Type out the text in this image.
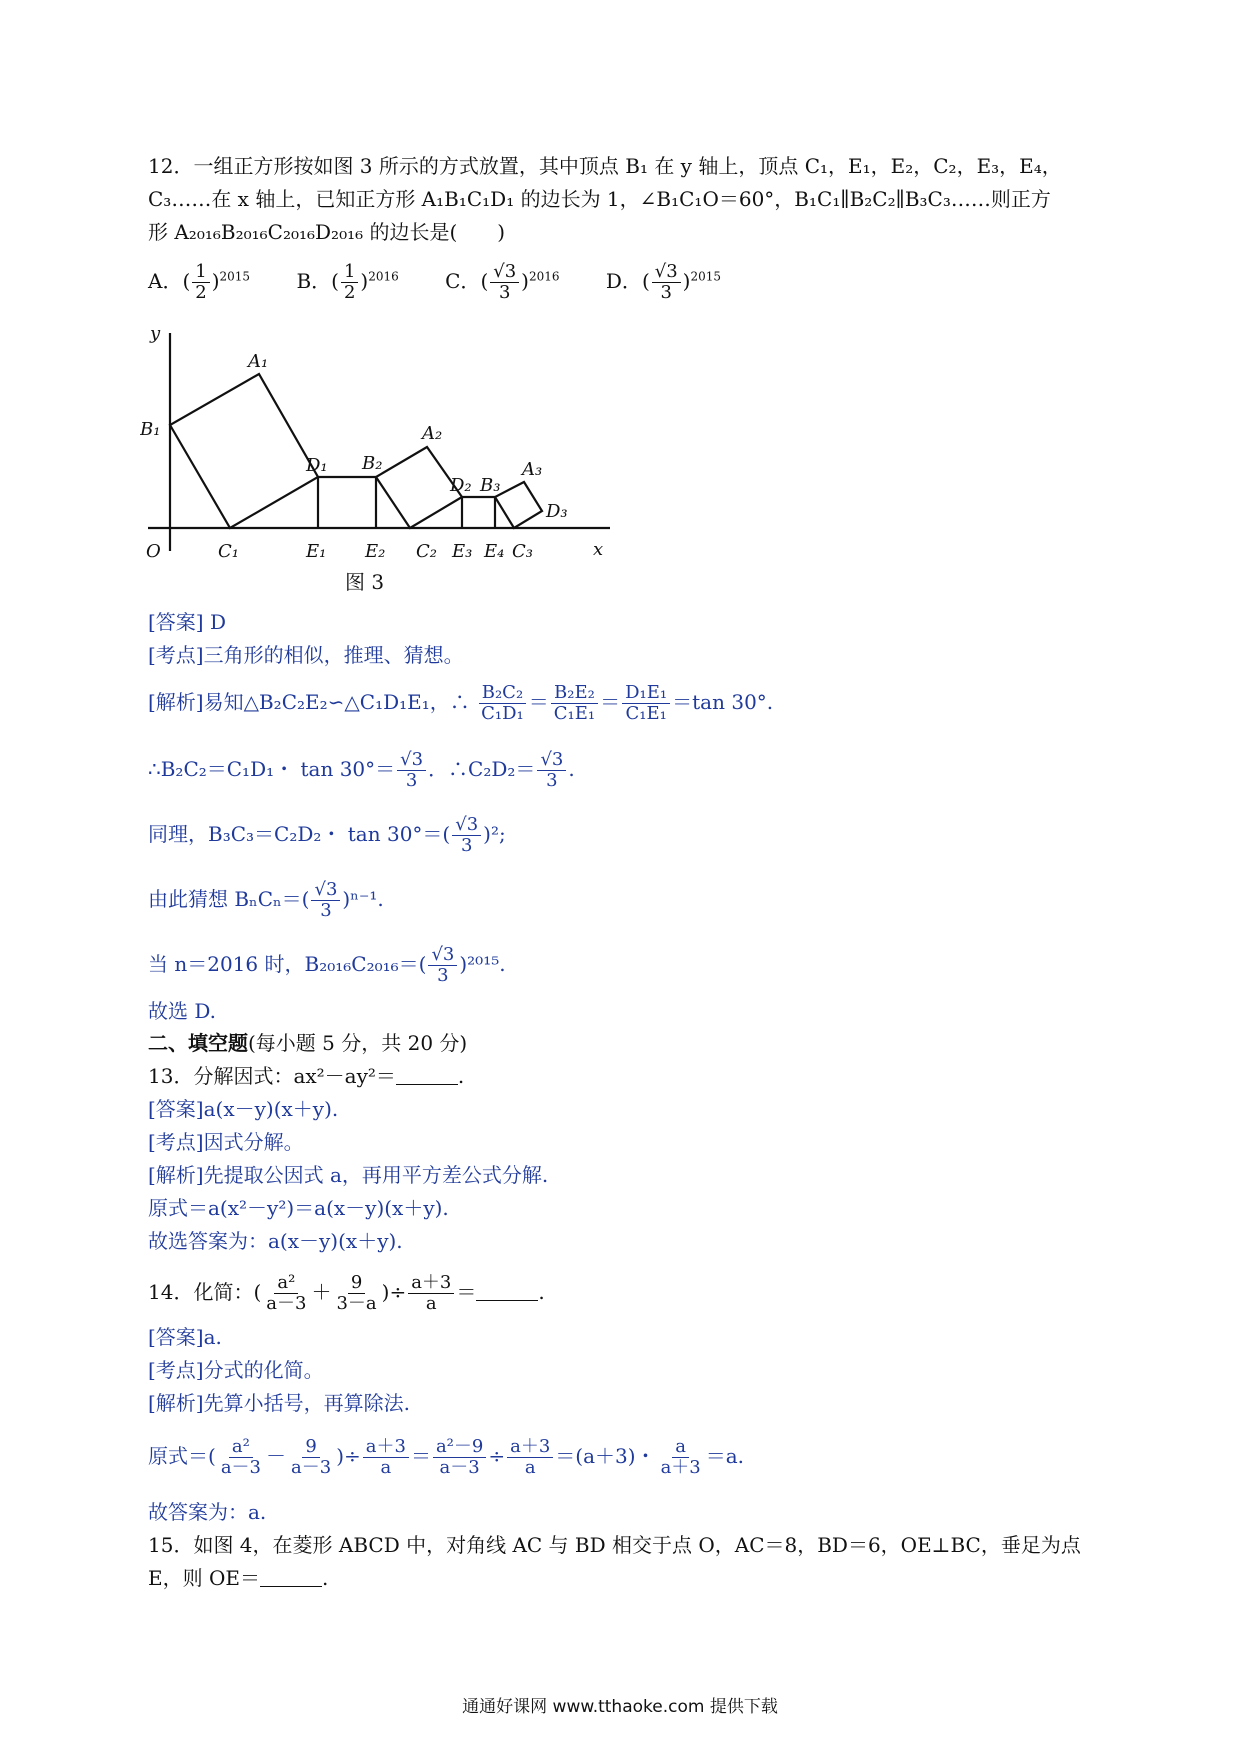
12．一组正方形按如图 3 所示的方式放置，其中顶点 B₁ 在 y 轴上，顶点 C₁，E₁，E₂，C₂，E₃，E₄，
C₃……在 x 轴上，已知正方形 A₁B₁C₁D₁ 的边长为 1，∠B₁C₁O＝60°，B₁C₁∥B₂C₂∥B₃C₃……则正方
形 A₂₀₁₆B₂₀₁₆C₂₀₁₆D₂₀₁₆ 的边长是(　　)
A．( $\frac{1}{2} )^{2015}$ B．( $\frac{1}{2} )^{2016}$ C．( $\frac{√3}{3} )^{2016}$ D．( $\frac{√3}{3} )^{2015}$
y
x
O
A₁
B₁
C₁
D₁
E₁ E₂
B₂
A₂
C₂
D₂ B₃
A₃
D₃
E₃ E₄ C₃
图 3
[答案] D
[考点]三角形的相似，推理、猜想。
[解析]易知△B₂C₂E₂∽△C₁D₁E₁，∴ $\frac{\text{B₂C₂}}{\text{C₁D₁}} = \frac{\text{B₂E₂}}{\text{C₁E₁}} = \frac{\text{D₁E₁}}{\text{C₁E₁}} =\tan$ 30°.
∴B₂C₂＝C₁D₁・ $\tan 30^\circ= \frac{√3}{3}$ ．∴C₂D₂＝ $\frac{√3}{3}$ .
同理，B₃C₃＝C₂D₂・ $\tan 30^\circ=( \frac{√3}{3} )^2$;
由此猜想 $B_nC_n=( \frac{√3}{3} )^{n-1}$.
当 n＝2016 时，$B_{2016}C_{2016}=( \frac{√3}{3} )^{2015}$.
故选 D.
二、填空题(每小题 5 分，共 20 分)
13．分解因式：ax²－ay²＝	.
[答案]a(x－y)(x＋y).
[考点]因式分解。
[解析]先提取公因式 a，再用平方差公式分解.
原式＝a(x²－y²)＝a(x－y)(x＋y).
故选答案为：a(x－y)(x＋y).
14．化简：( $\frac{\text{a²}}{a-3} + \frac{9}{3-a}$ )÷ $\frac{a+3}{a}$ ＝	.
[答案]a.
[考点]分式的化简。
[解析]先算小括号，再算除法.
原式＝( $\frac{\text{a²}}{a-3} - \frac{9}{a-3}$ )÷ $\frac{a+3}{a} = \frac{\text{a²－9}}{a-3} \div \frac{a+3}{a} =(a+3)$・ $\frac{a}{a+3} =a$.
故答案为：a.
15．如图 4，在菱形 ABCD 中，对角线 AC 与 BD 相交于点 O，AC＝8，BD＝6，OE⊥BC，垂足为点
E，则 OE＝	.
通通好课网 www.tthaoke.com 提供下载
